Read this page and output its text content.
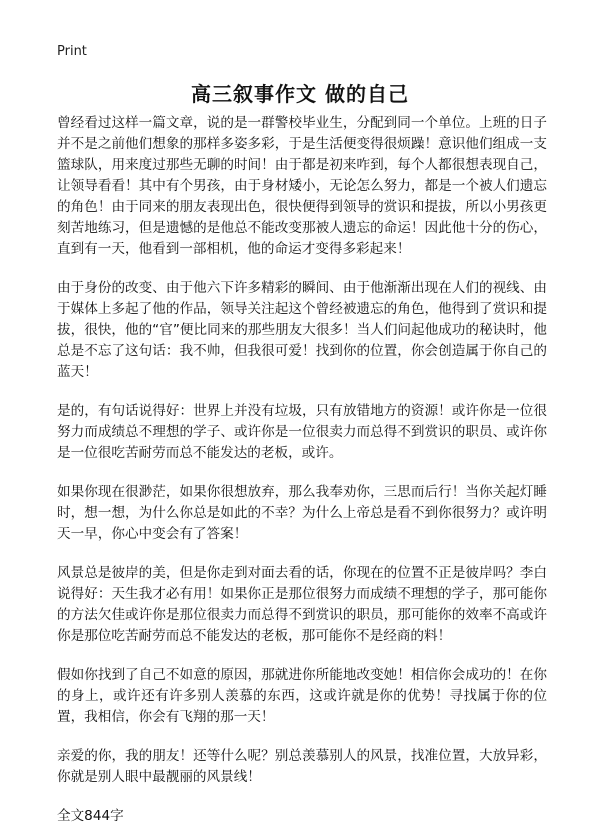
Print
高三叙事作文 做的自己

曾经看过这样一篇文章，说的是一群警校毕业生，分配到同一个单位。上班的日子并不是之前他们想象的那样多姿多彩，于是生活便变得很烦躁！意识他们组成一支篮球队，用来度过那些无聊的时间！由于都是初来咋到，每个人都很想表现自己，让领导看看！其中有个男孩，由于身材矮小，无论怎么努力，都是一个被人们遗忘的角色！由于同来的朋友表现出色，很快便得到领导的赏识和提拔，所以小男孩更刻苦地练习，但是遗憾的是他总不能改变那被人遗忘的命运！因此他十分的伤心，直到有一天，他看到一部相机，他的命运才变得多彩起来！

由于身份的改变、由于他六下许多精彩的瞬间、由于他渐渐出现在人们的视线、由于媒体上多起了他的作品，领导关注起这个曾经被遗忘的角色，他得到了赏识和提拔，很快，他的“官”便比同来的那些朋友大很多！当人们问起他成功的秘诀时，他总是不忘了这句话：我不帅，但我很可爱！找到你的位置，你会创造属于你自己的蓝天！

是的，有句话说得好：世界上并没有垃圾，只有放错地方的资源！或许你是一位很努力而成绩总不理想的学子、或许你是一位很卖力而总得不到赏识的职员、或许你是一位很吃苦耐劳而总不能发达的老板，或许。

如果你现在很渺茫，如果你很想放弃，那么我奉劝你，三思而后行！当你关起灯睡时，想一想，为什么你总是如此的不幸？为什么上帝总是看不到你很努力？或许明天一早，你心中变会有了答案！

风景总是彼岸的美，但是你走到对面去看的话，你现在的位置不正是彼岸吗？李白说得好：天生我才必有用！如果你正是那位很努力而成绩不理想的学子，那可能你的方法欠佳或许你是那位很卖力而总得不到赏识的职员，那可能你的效率不高或许你是那位吃苦耐劳而总不能发达的老板，那可能你不是经商的料！

假如你找到了自己不如意的原因，那就进你所能地改变她！相信你会成功的！在你的身上，或许还有许多别人羡慕的东西，这或许就是你的优势！寻找属于你的位置，我相信，你会有飞翔的那一天！

亲爱的你，我的朋友！还等什么呢？别总羡慕别人的风景，找准位置，大放异彩，你就是别人眼中最靓丽的风景线！

全文844字
